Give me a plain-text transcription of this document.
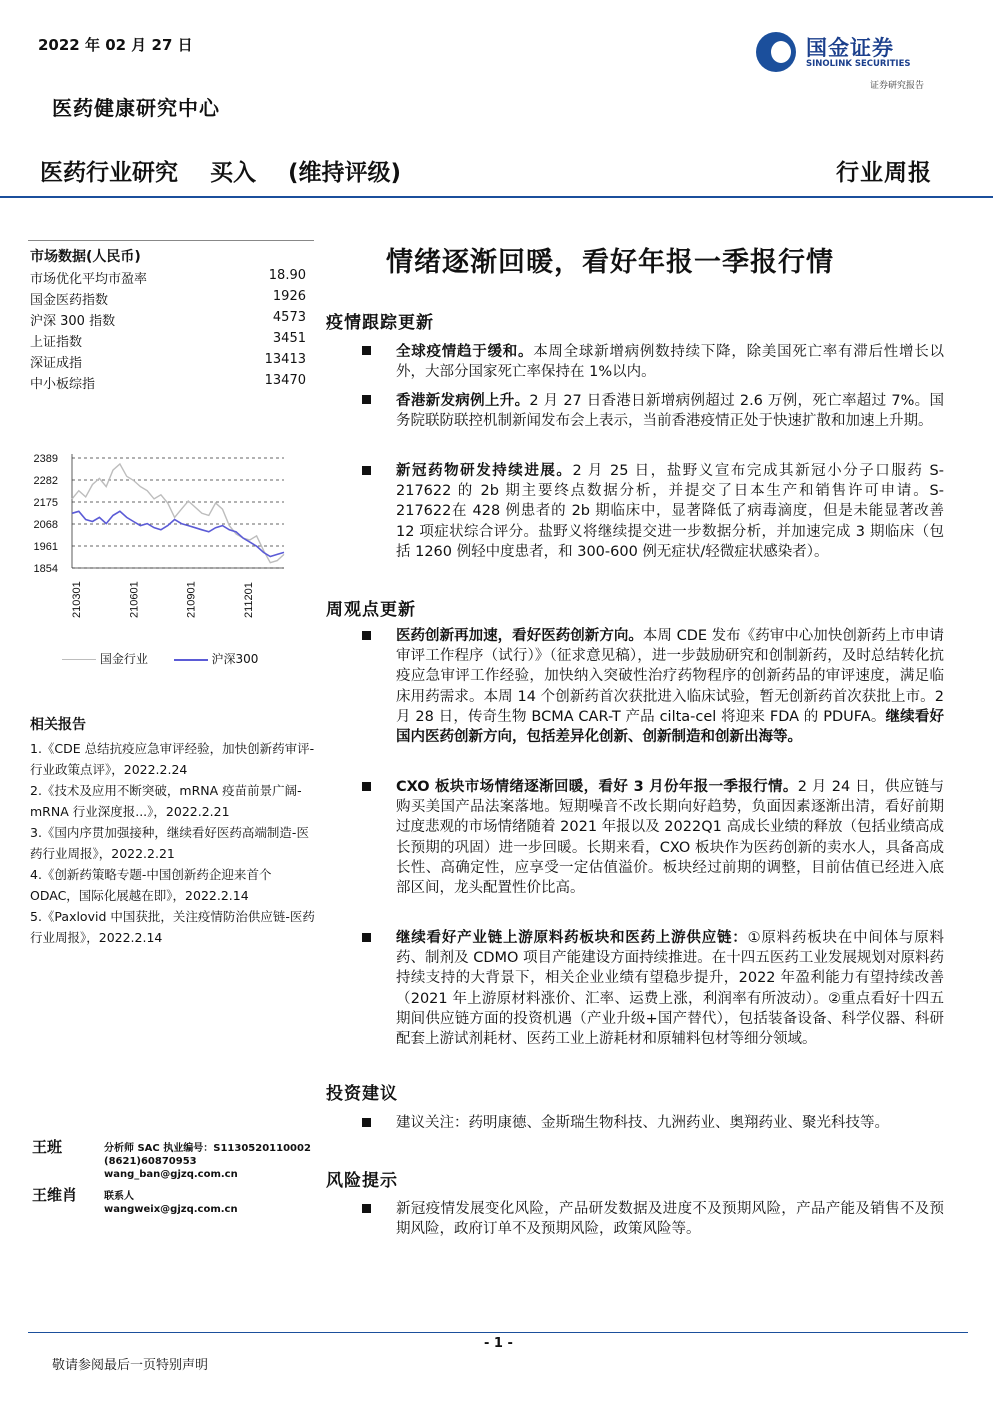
2022 年 02 月 27 日
医药健康研究中心
国金证券
SINOLINK SECURITIES
证券研究报告
医药行业研究 买入 (维持评级)	行业周报
市场数据(人民币)
市场优化平均市盈率	18.90
国金医药指数	1926
沪深 300 指数	4573
上证指数	3451
深证成指	13413
中小板综指	13470
2389
2282
2175
2068
1961
1854
210301	210601	210901	211201
国金行业	沪深300
相关报告
1.《CDE 总结抗疫应急审评经验，加快创新药审评-行业政策点评》，2022.2.24
2.《技术及应用不断突破，mRNA 疫苗前景广阔-mRNA 行业深度报...》，2022.2.21
3.《国内序贯加强接种，继续看好医药高端制造-医药行业周报》，2022.2.21
4.《创新药策略专题-中国创新药企迎来首个ODAC，国际化展越在即》，2022.2.14
5.《Paxlovid 中国获批，关注疫情防治供应链-医药行业周报》，2022.2.14
王班	分析师 SAC 执业编号：S1130520110002
(8621)60870953
wang_ban@gjzq.com.cn
王维肖	联系人
wangweix@gjzq.com.cn
情绪逐渐回暖，看好年报一季报行情
疫情跟踪更新
全球疫情趋于缓和。本周全球新增病例数持续下降，除美国死亡率有滞后性增长以外，大部分国家死亡率保持在 1%以内。
香港新发病例上升。2 月 27 日香港日新增病例超过 2.6 万例，死亡率超过 7%。国务院联防联控机制新闻发布会上表示，当前香港疫情正处于快速扩散和加速上升期。
新冠药物研发持续进展。2 月 25 日，盐野义宣布完成其新冠小分子口服药 S-217622 的 2b 期主要终点数据分析，并提交了日本生产和销售许可申请。S-217622在 428 例患者的 2b 期临床中，显著降低了病毒滴度，但是未能显著改善 12 项症状综合评分。盐野义将继续提交进一步数据分析，并加速完成 3 期临床（包括 1260 例轻中度患者，和 300-600 例无症状/轻微症状感染者）。
周观点更新
医药创新再加速，看好医药创新方向。本周 CDE 发布《药审中心加快创新药上市申请审评工作程序（试行）》（征求意见稿），进一步鼓励研究和创制新药，及时总结转化抗疫应急审评工作经验，加快纳入突破性治疗药物程序的创新药品的审评速度，满足临床用药需求。本周 14 个创新药首次获批进入临床试验，暂无创新药首次获批上市。2 月 28 日，传奇生物 BCMA CAR-T 产品 cilta-cel 将迎来 FDA 的 PDUFA。继续看好国内医药创新方向，包括差异化创新、创新制造和创新出海等。
CXO 板块市场情绪逐渐回暖，看好 3 月份年报一季报行情。2 月 24 日，供应链与购买美国产品法案落地。短期噪音不改长期向好趋势，负面因素逐渐出清，看好前期过度悲观的市场情绪随着 2021 年报以及 2022Q1 高成长业绩的释放（包括业绩高成长预期的巩固）进一步回暖。长期来看，CXO 板块作为医药创新的卖水人，具备高成长性、高确定性，应享受一定估值溢价。板块经过前期的调整，目前估值已经进入底部区间，龙头配置性价比高。
继续看好产业链上游原料药板块和医药上游供应链：①原料药板块在中间体与原料药、制剂及 CDMO 项目产能建设方面持续推进。在十四五医药工业发展规划对原料药持续支持的大背景下，相关企业业绩有望稳步提升，2022 年盈利能力有望持续改善（2021 年上游原材料涨价、汇率、运费上涨，利润率有所波动）。②重点看好十四五期间供应链方面的投资机遇（产业升级+国产替代），包括装备设备、科学仪器、科研配套上游试剂耗材、医药工业上游耗材和原辅料包材等细分领域。
投资建议
建议关注：药明康德、金斯瑞生物科技、九洲药业、奥翔药业、聚光科技等。
风险提示
新冠疫情发展变化风险，产品研发数据及进度不及预期风险，产品产能及销售不及预期风险，政府订单不及预期风险，政策风险等。
- 1 -
敬请参阅最后一页特别声明
